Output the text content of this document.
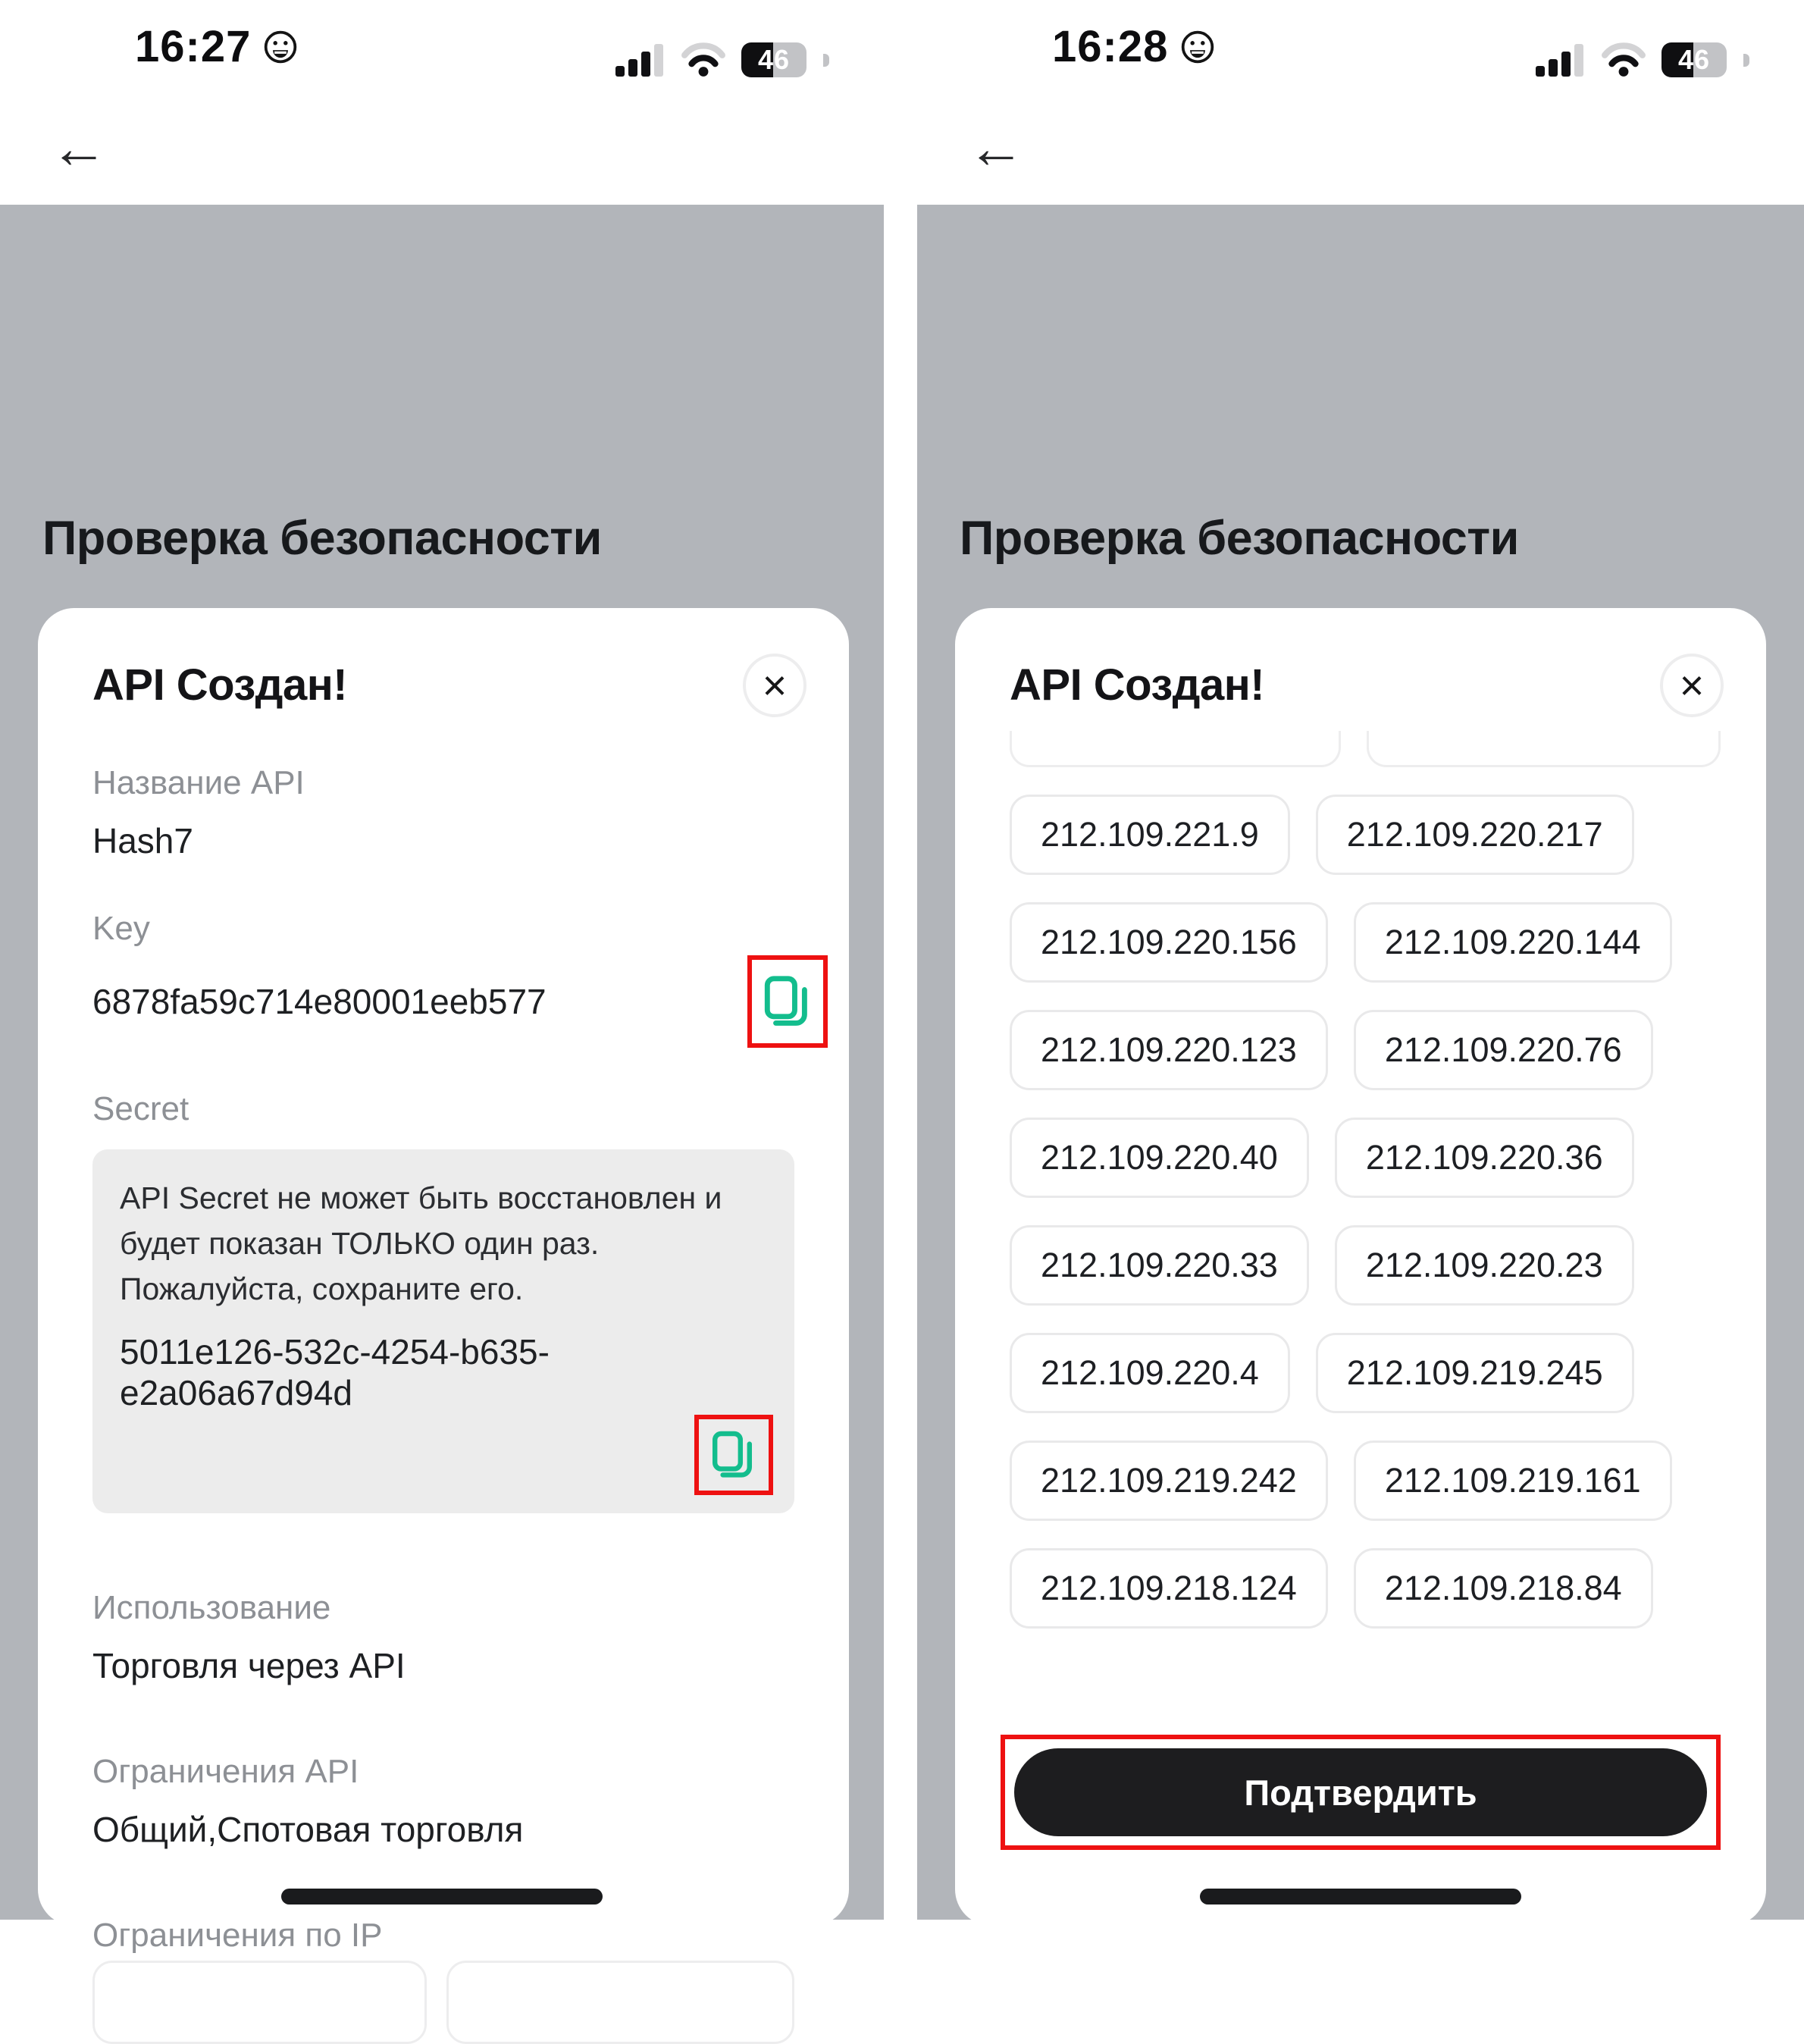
16:27	46
←
Проверка безопасности
API Создан!	×
Название API
Hash7
Key
6878fa59c714e80001eeb577
Secret
API Secret не может быть восстановлен и будет показан ТОЛЬКО один раз. Пожалуйста, сохраните его.
5011e126-532c-4254-b635-e2a06a67d94d
Использование
Торговля через API
Ограничения API
Общий,Спотовая торговля
Ограничения по IP
16:28	46
←
Проверка безопасности
API Создан!	×
212.109.221.9	212.109.220.217
212.109.220.156	212.109.220.144
212.109.220.123	212.109.220.76
212.109.220.40	212.109.220.36
212.109.220.33	212.109.220.23
212.109.220.4	212.109.219.245
212.109.219.242	212.109.219.161
212.109.218.124	212.109.218.84
Подтвердить
